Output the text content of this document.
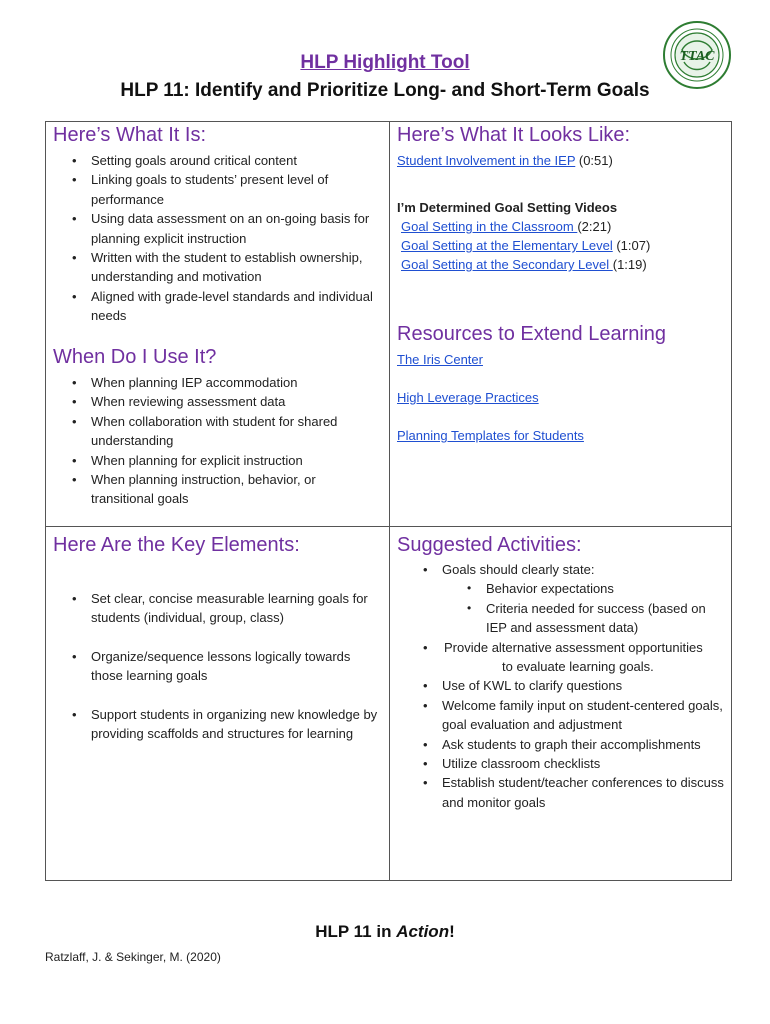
HLP Highlight Tool
HLP 11: Identify and Prioritize Long- and Short-Term Goals
TTAC
Here’s What It Is:
• Setting goals around critical content
• Linking goals to students’ present level of performance
• Using data assessment on an on-going basis for planning explicit instruction
• Written with the student to establish ownership, understanding and motivation
• Aligned with grade-level standards and individual needs
When Do I Use It?
• When planning IEP accommodation
• When reviewing assessment data
• When collaboration with student for shared understanding
• When planning for explicit instruction
• When planning instruction, behavior, or transitional goals
Here’s What It Looks Like:
Student Involvement in the IEP (0:51)
I’m Determined Goal Setting Videos
Goal Setting in the Classroom (2:21)
Goal Setting at the Elementary Level (1:07)
Goal Setting at the Secondary Level (1:19)
Resources to Extend Learning
The Iris Center
High Leverage Practices
Planning Templates for Students
Here Are the Key Elements:
• Set clear, concise measurable learning goals for students (individual, group, class)
• Organize/sequence lessons logically towards those learning goals
• Support students in organizing new knowledge by providing scaffolds and structures for learning
Suggested Activities:
• Goals should clearly state:
• Behavior expectations
• Criteria needed for success (based on IEP and assessment data)
• Provide alternative assessment opportunities
to evaluate learning goals.
• Use of KWL to clarify questions
• Welcome family input on student-centered goals, goal evaluation and adjustment
• Ask students to graph their accomplishments
• Utilize classroom checklists
• Establish student/teacher conferences to discuss and monitor goals
HLP 11 in Action!
Ratzlaff, J. & Sekinger, M. (2020)
